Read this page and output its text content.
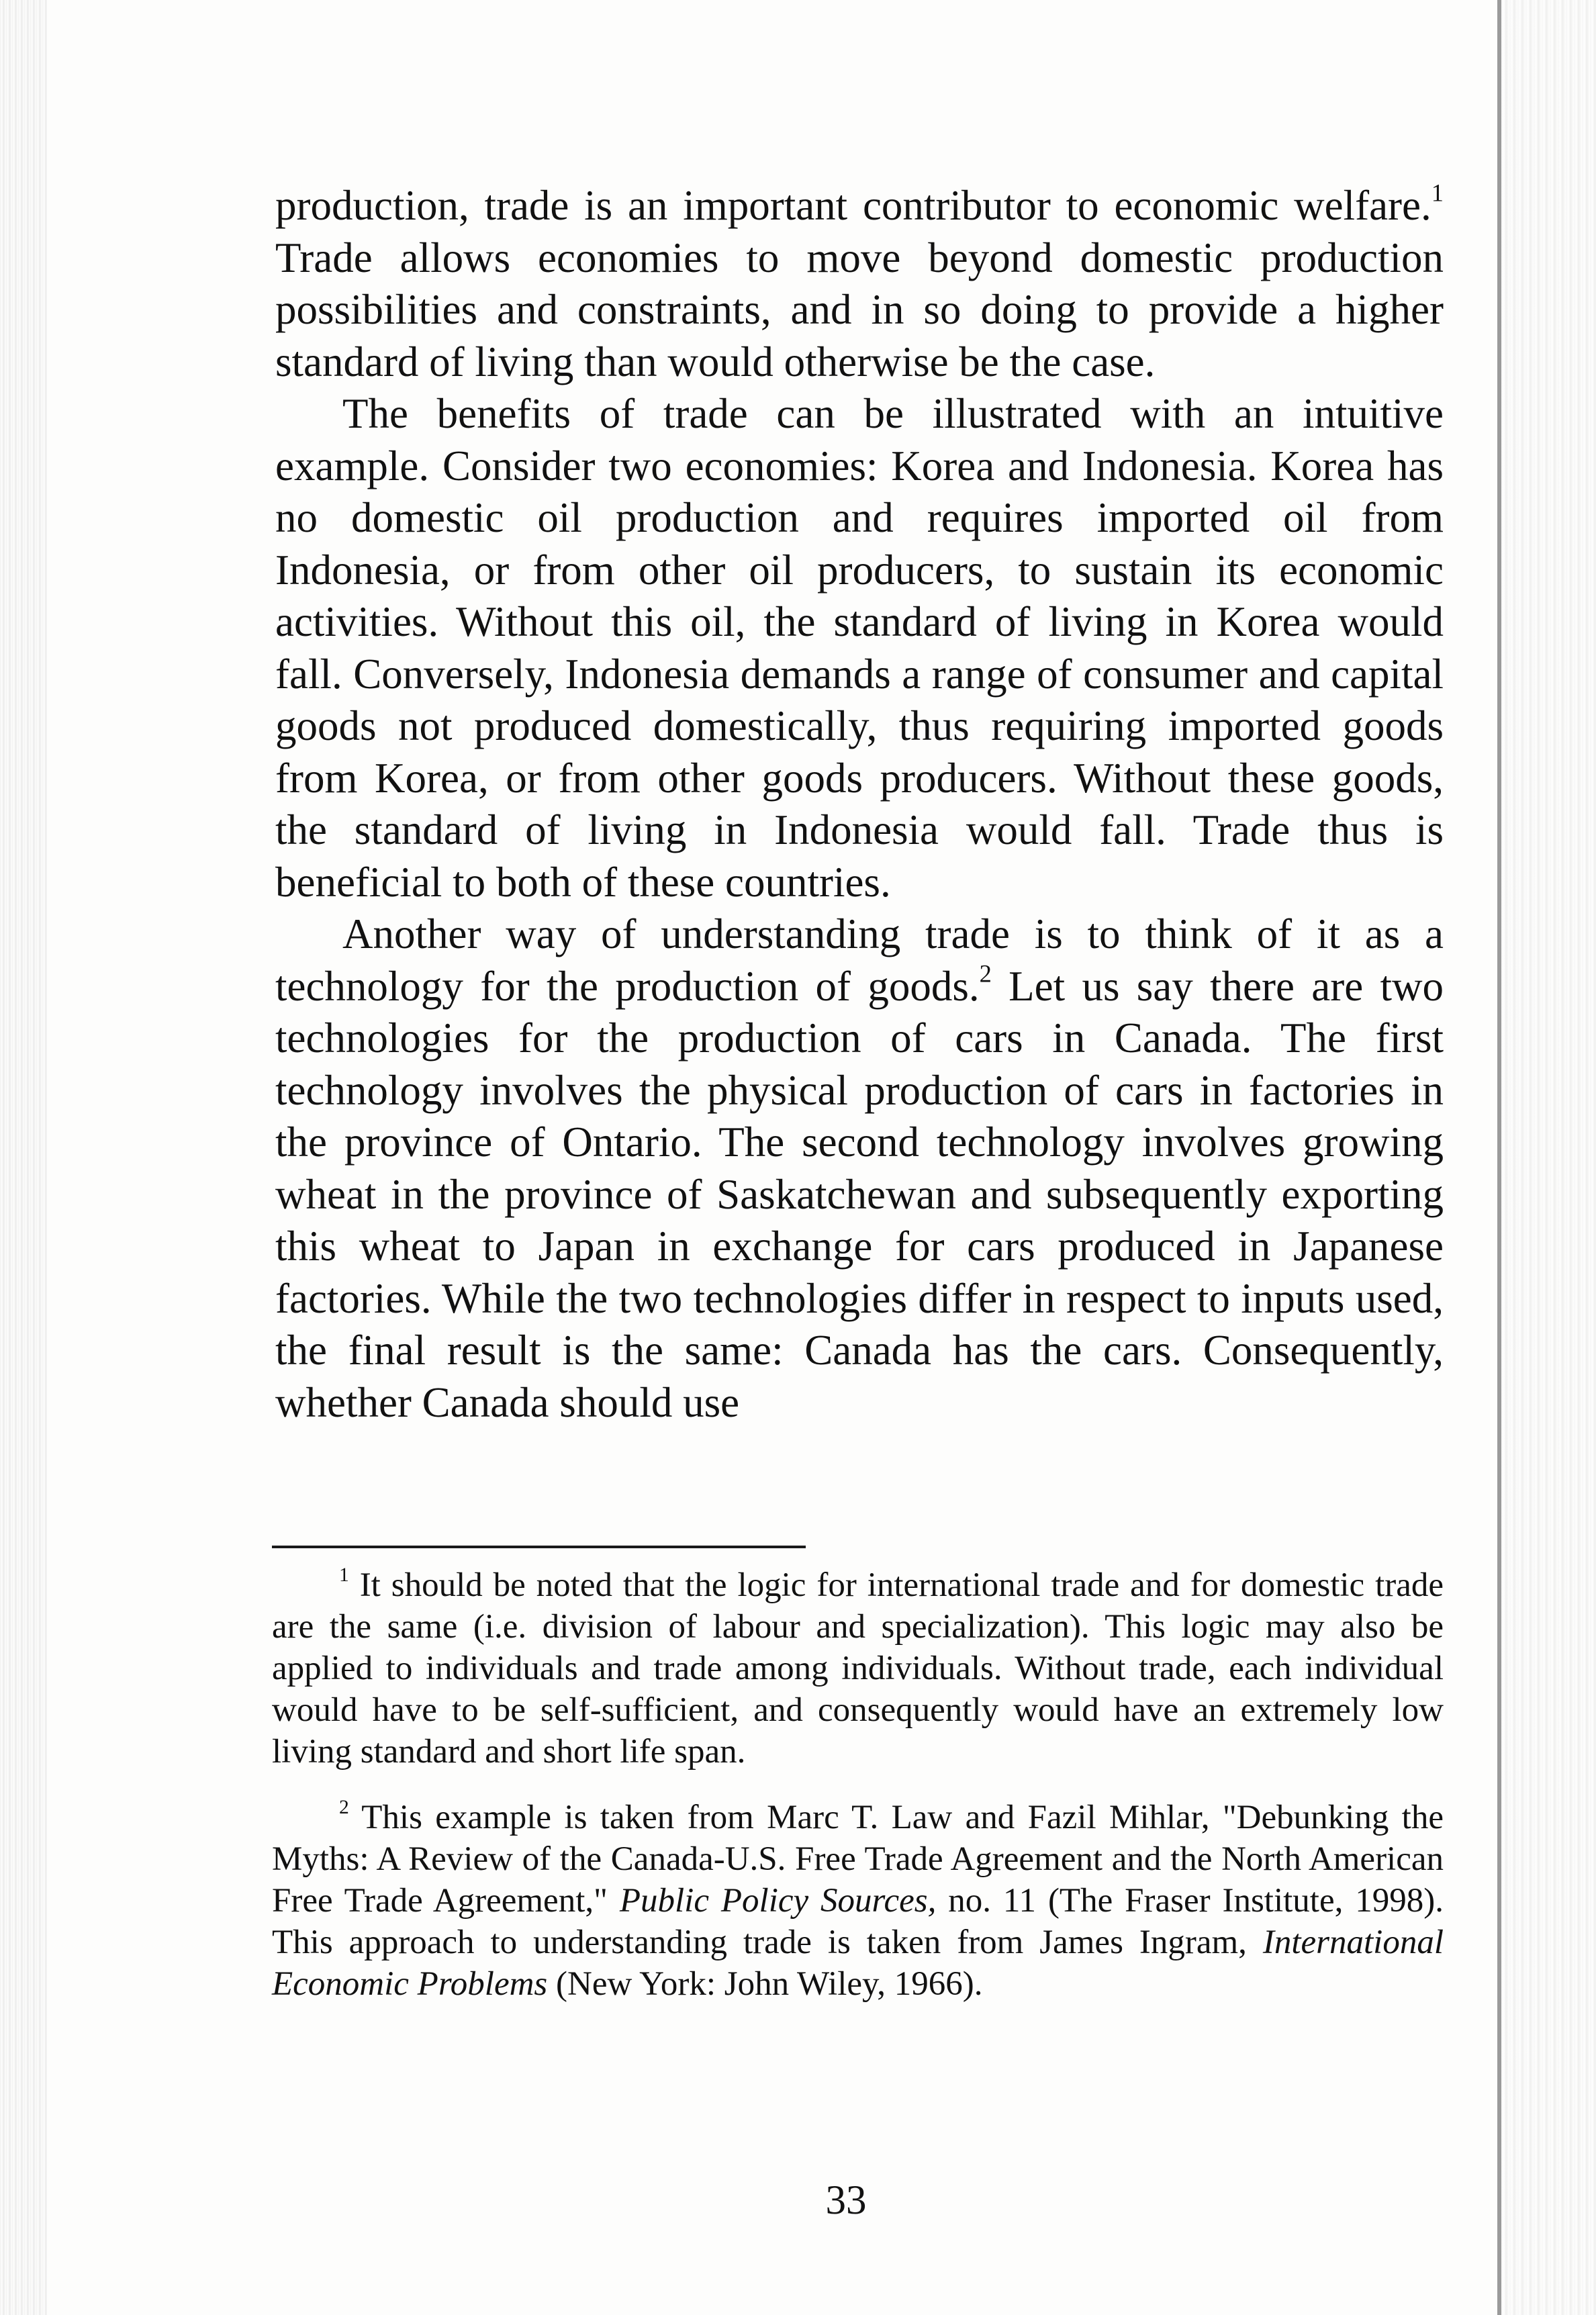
production, trade is an important contributor to economic welfare.$^1$ Trade allows economies to move beyond domestic production possibilities and constraints, and in so doing to provide a higher standard of living than would otherwise be the case.

The benefits of trade can be illustrated with an intuitive example. Consider two economies: Korea and Indonesia. Korea has no domestic oil production and requires imported oil from Indonesia, or from other oil producers, to sustain its economic activities. Without this oil, the standard of living in Korea would fall. Conversely, Indonesia demands a range of consumer and capital goods not produced domestically, thus requiring imported goods from Korea, or from other goods producers. Without these goods, the standard of living in Indonesia would fall. Trade thus is beneficial to both of these countries.

Another way of understanding trade is to think of it as a technology for the production of goods.$^2$ Let us say there are two technologies for the production of cars in Canada. The first technology involves the physical production of cars in factories in the province of Ontario. The second technology involves growing wheat in the province of Saskatchewan and subsequently exporting this wheat to Japan in exchange for cars produced in Japanese factories. While the two technologies differ in respect to inputs used, the final result is the same: Canada has the cars. Consequently, whether Canada should use

$^1$ It should be noted that the logic for international trade and for domestic trade are the same (i.e. division of labour and specialization). This logic may also be applied to individuals and trade among individuals. Without trade, each individual would have to be self-sufficient, and consequently would have an extremely low living standard and short life span.

$^2$ This example is taken from Marc T. Law and Fazil Mihlar, "Debunking the Myths: A Review of the Canada-U.S. Free Trade Agreement and the North American Free Trade Agreement," Public Policy Sources, no. 11 (The Fraser Institute, 1998). This approach to understanding trade is taken from James Ingram, International Economic Problems (New York: John Wiley, 1966).

33
